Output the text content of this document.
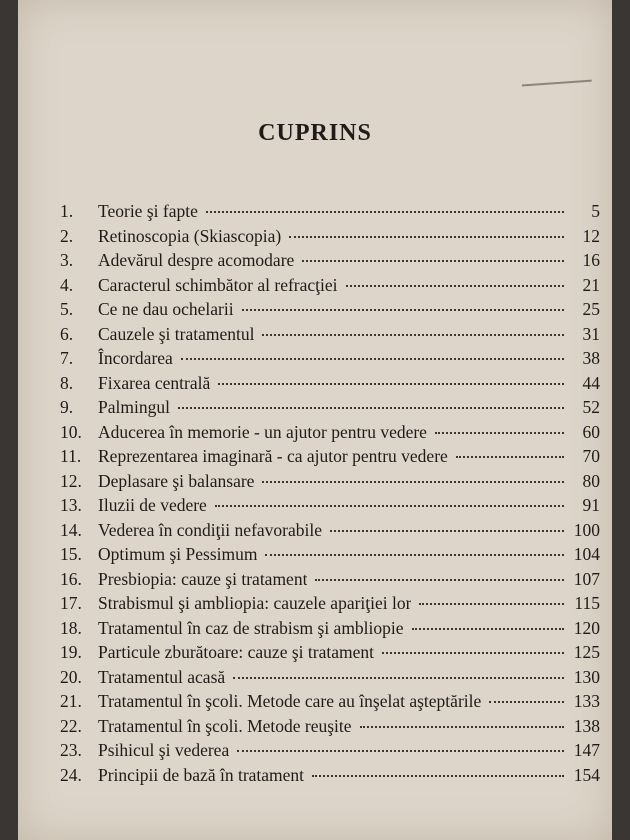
CUPRINS
1.	Teorie şi fapte	5
2.	Retinoscopia (Skiascopia)	12
3.	Adevărul despre acomodare	16
4.	Caracterul schimbător al refracţiei	21
5.	Ce ne dau ochelarii	25
6.	Cauzele şi tratamentul	31
7.	Încordarea	38
8.	Fixarea centrală	44
9.	Palmingul	52
10. Aducerea în memorie - un ajutor pentru vedere	60
11. Reprezentarea imaginară - ca ajutor pentru vedere	70
12. Deplasare şi balansare	80
13. Iluzii de vedere	91
14. Vederea în condiţii nefavorabile	100
15. Optimum şi Pessimum	104
16. Presbiopia: cauze şi tratament	107
17. Strabismul şi ambliopia: cauzele apariţiei lor	115
18. Tratamentul în caz de strabism şi ambliopie	120
19. Particule zburătoare: cauze şi tratament	125
20. Tratamentul acasă	130
21. Tratamentul în şcoli. Metode care au înşelat aşteptările	133
22. Tratamentul în şcoli. Metode reuşite	138
23. Psihicul şi vederea	147
24. Principii de bază în tratament	154
